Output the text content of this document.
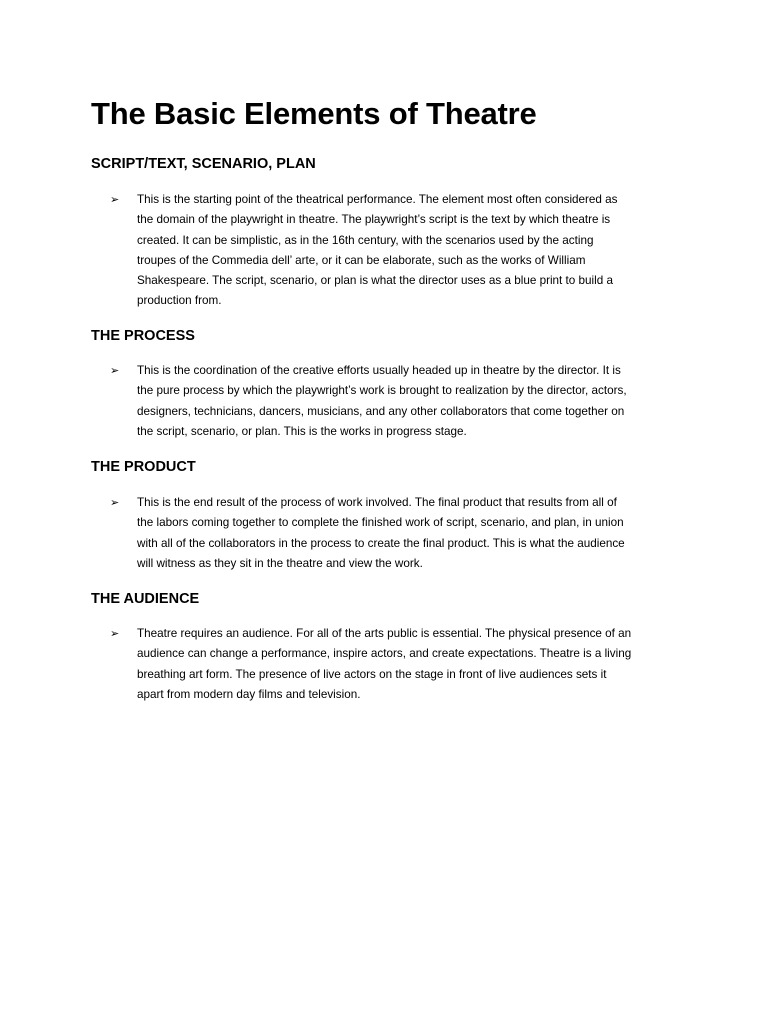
The Basic Elements of Theatre
SCRIPT/TEXT, SCENARIO, PLAN
➢ This is the starting point of the theatrical performance. The element most often considered as
the domain of the playwright in theatre. The playwright’s script is the text by which theatre is
created. It can be simplistic, as in the 16th century, with the scenarios used by the acting
troupes of the Commedia dell’ arte, or it can be elaborate, such as the works of William
Shakespeare. The script, scenario, or plan is what the director uses as a blue print to build a
production from.

THE PROCESS
➢ This is the coordination of the creative efforts usually headed up in theatre by the director. It is
the pure process by which the playwright’s work is brought to realization by the director, actors,
designers, technicians, dancers, musicians, and any other collaborators that come together on
the script, scenario, or plan. This is the works in progress stage.

THE PRODUCT
➢ This is the end result of the process of work involved. The final product that results from all of
the labors coming together to complete the finished work of script, scenario, and plan, in union
with all of the collaborators in the process to create the final product. This is what the audience
will witness as they sit in the theatre and view the work.

THE AUDIENCE
➢ Theatre requires an audience. For all of the arts public is essential. The physical presence of an
audience can change a performance, inspire actors, and create expectations. Theatre is a living
breathing art form. The presence of live actors on the stage in front of live audiences sets it
apart from modern day films and television.
